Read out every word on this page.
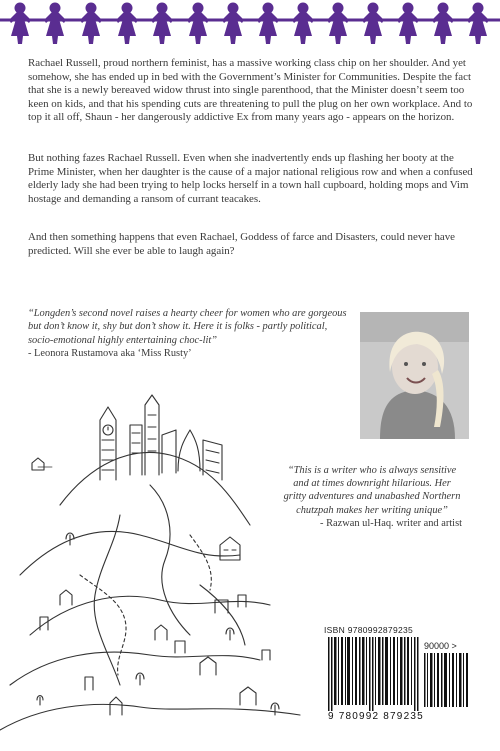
Rachael Russell, proud northern feminist, has a massive working class chip on her shoulder. And yet somehow, she has ended up in bed with the Government’s Minister for Communities. Despite the fact that she is a newly bereaved widow thrust into single parenthood, that the Minister doesn’t seem too keen on kids, and that his spending cuts are threatening to pull the plug on her own workplace. And to top it all off, Shaun - her dangerously addictive Ex from many years ago - appears on the horizon.

But nothing fazes Rachael Russell. Even when she inadvertently ends up flashing her booty at the Prime Minister, when her daughter is the cause of a major national religious row and when a confused elderly lady she had been trying to help locks herself in a town hall cupboard, holding mops and Vim hostage and demanding a ransom of currant teacakes.

And then something happens that even Rachael, Goddess of farce and Disasters, could never have predicted. Will she ever be able to laugh again?

“Longden’s second novel raises a hearty cheer for women who are gorgeous but don’t know it, shy but don’t show it. Here it is folks - partly political, socio-emotional highly entertaining choc-lit”
- Leonora Rustamova aka ‘Miss Rusty’
“This is a writer who is always sensitive and at times downright hilarious. Her gritty adventures and unabashed Northern chutzpah makes her writing unique”
- Razwan ul-Haq. writer and artist
ISBN 9780992879235
90000 >
9 780992 879235
